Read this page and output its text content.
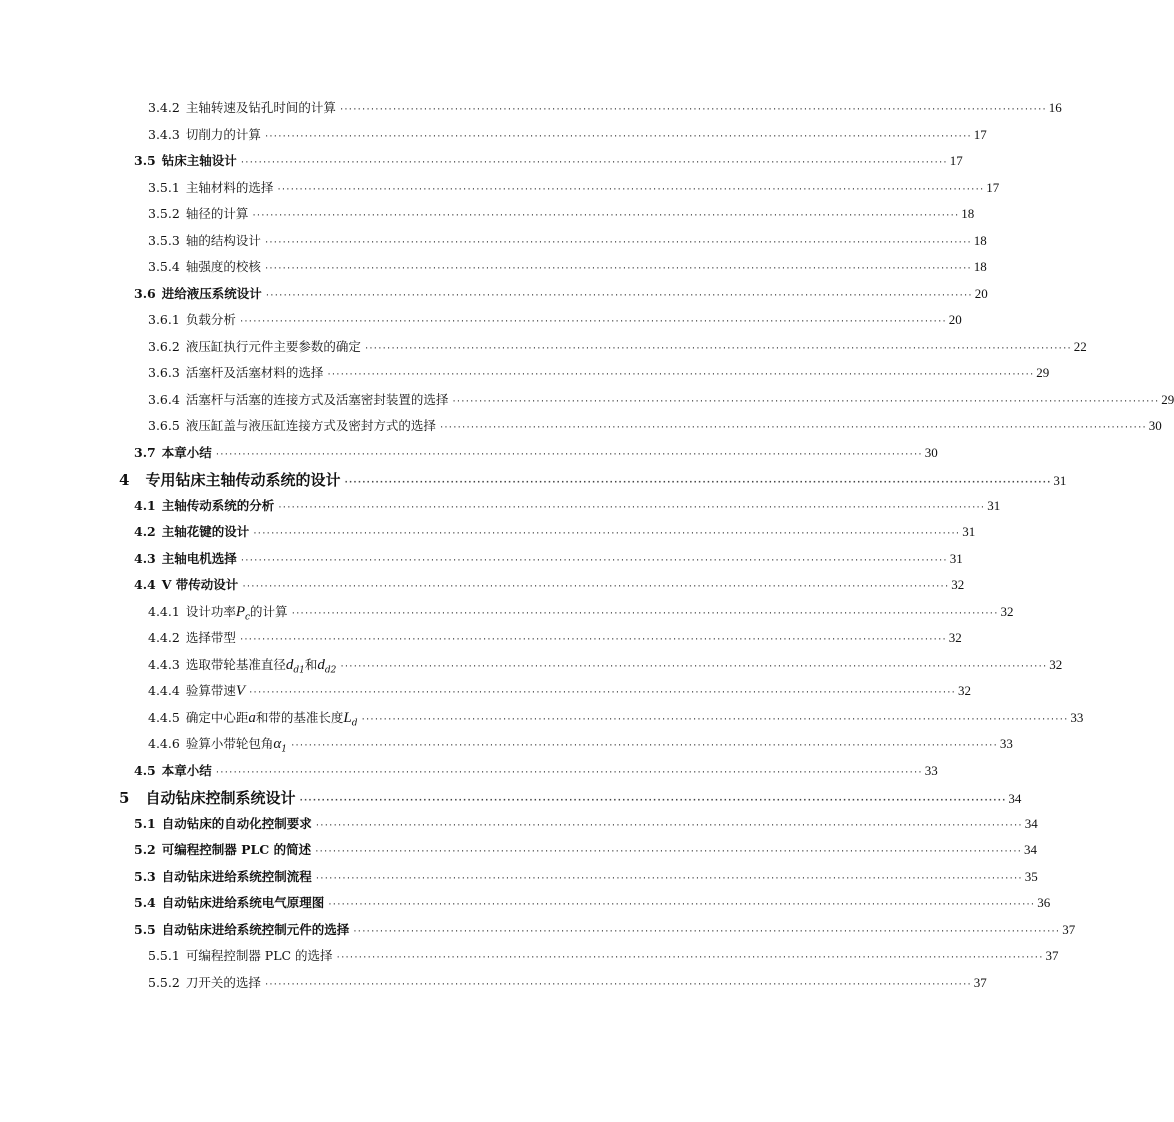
3.4.2 主轴转速及钻孔时间的计算 ································································································································································ 16
3.4.3 切削力的计算 ································································································································································ 17
3.5 钻床主轴设计 ································································································································································ 17
3.5.1 主轴材料的选择 ································································································································································ 17
3.5.2 轴径的计算 ································································································································································ 18
3.5.3 轴的结构设计 ································································································································································ 18
3.5.4 轴强度的校核 ································································································································································ 18
3.6 进给液压系统设计 ································································································································································ 20
3.6.1 负载分析 ································································································································································ 20
3.6.2 液压缸执行元件主要参数的确定 ································································································································································ 22
3.6.3 活塞杆及活塞材料的选择 ································································································································································ 29
3.6.4 活塞杆与活塞的连接方式及活塞密封装置的选择 ································································································································································ 29
3.6.5 液压缸盖与液压缸连接方式及密封方式的选择 ································································································································································ 30
3.7 本章小结 ································································································································································ 30
4 专用钻床主轴传动系统的设计 ································································································································································ 31
4.1 主轴传动系统的分析 ································································································································································ 31
4.2 主轴花键的设计 ································································································································································ 31
4.3 主轴电机选择 ································································································································································ 31
4.4 V 带传动设计 ································································································································································ 32
4.4.1 设计功率$P_c$的计算 ································································································································································ 32
4.4.2 选择带型 ································································································································································ 32
4.4.3 选取带轮基准直径$d_{d1}$和$d_{d2}$ ································································································································································ 32
4.4.4 验算带速V ································································································································································ 32
4.4.5 确定中心距a和带的基准长度$L_d$ ································································································································································ 33
4.4.6 验算小带轮包角$\alpha_1$ ································································································································································ 33
4.5 本章小结 ································································································································································ 33
5 自动钻床控制系统设计 ································································································································································ 34
5.1 自动钻床的自动化控制要求 ································································································································································ 34
5.2 可编程控制器 PLC 的简述 ································································································································································ 34
5.3 自动钻床进给系统控制流程 ································································································································································ 35
5.4 自动钻床进给系统电气原理图 ································································································································································ 36
5.5 自动钻床进给系统控制元件的选择 ································································································································································ 37
5.5.1 可编程控制器 PLC 的选择 ································································································································································ 37
5.5.2 刀开关的选择 ································································································································································ 37
